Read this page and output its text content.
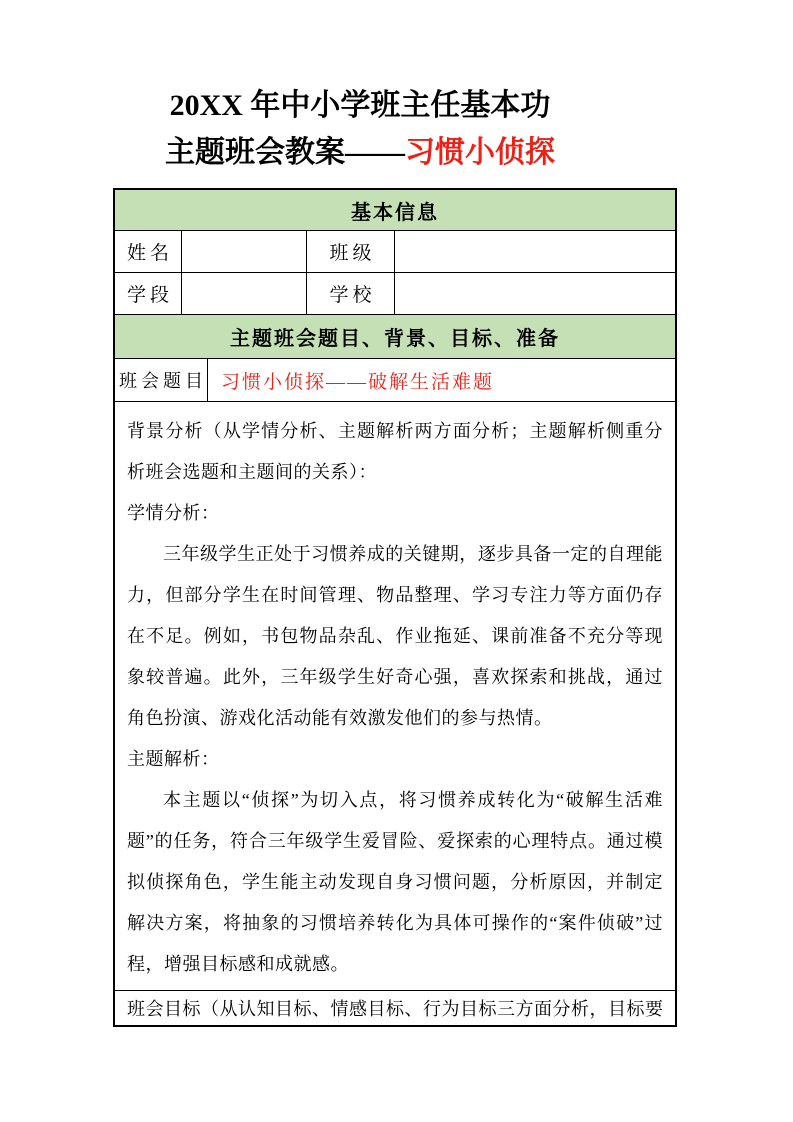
20XX 年中小学班主任基本功
主题班会教案——习惯小侦探
基本信息
姓名	班级
学段	学校
主题班会题目、背景、目标、准备
班会题目 习惯小侦探——破解生活难题

背景分析（从学情分析、主题解析两方面分析；主题解析侧重分析班会选题和主题间的关系）：

学情分析：

三年级学生正处于习惯养成的关键期，逐步具备一定的自理能力，但部分学生在时间管理、物品整理、学习专注力等方面仍存在不足。例如，书包物品杂乱、作业拖延、课前准备不充分等现象较普遍。此外，三年级学生好奇心强，喜欢探索和挑战，通过角色扮演、游戏化活动能有效激发他们的参与热情。

主题解析：

本主题以“侦探”为切入点，将习惯养成转化为“破解生活难题”的任务，符合三年级学生爱冒险、爱探索的心理特点。通过模拟侦探角色，学生能主动发现自身习惯问题，分析原因，并制定解决方案，将抽象的习惯培养转化为具体可操作的“案件侦破”过程，增强目标感和成就感。

班会目标（从认知目标、情感目标、行为目标三方面分析，目标要
